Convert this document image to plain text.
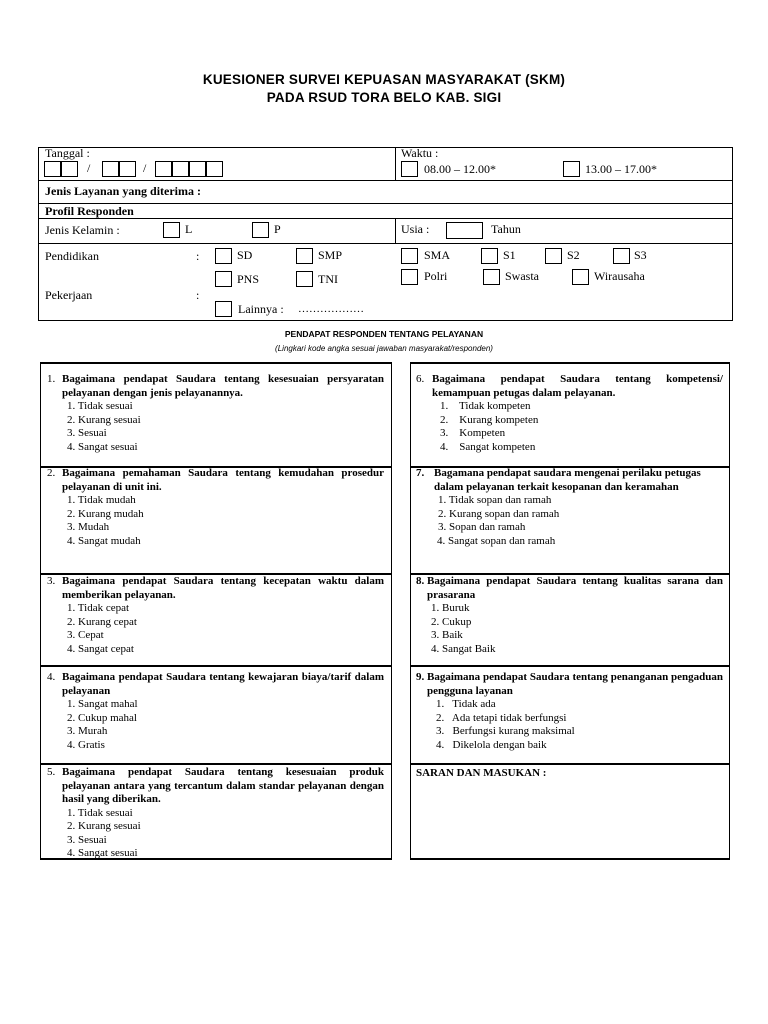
KUESIONER SURVEI KEPUASAN MASYARAKAT (SKM)
PADA RSUD TORA BELO KAB. SIGI
Tanggal :
/	/
Waktu :
08.00 – 12.00*	13.00 – 17.00*
Jenis Layanan yang diterima :
Profil Responden
Jenis Kelamin :	L	P	Usia :	Tahun
Pendidikan	:	SD	SMP	SMA	S1	S2	S3
Pekerjaan	:
PNS	TNI	Polri	Swasta	Wirausaha
Lainnya : ………………
PENDAPAT RESPONDEN TENTANG PELAYANAN
(Lingkari kode angka sesuai jawaban masyarakat/responden)
1. Bagaimana pendapat Saudara tentang kesesuaian persyaratan pelayanan dengan jenis pelayanannya.
1. Tidak sesuai
2. Kurang sesuai
3. Sesuai
4. Sangat sesuai
2. Bagaimana pemahaman Saudara tentang kemudahan prosedur pelayanan di unit ini.
1. Tidak mudah
2. Kurang mudah
3. Mudah
4. Sangat mudah
3. Bagaimana pendapat Saudara tentang kecepatan waktu dalam memberikan pelayanan.
1. Tidak cepat
2. Kurang cepat
3. Cepat
4. Sangat cepat
4. Bagaimana pendapat Saudara tentang kewajaran biaya/tarif dalam pelayanan
1. Sangat mahal
2. Cukup mahal
3. Murah
4. Gratis
5. Bagaimana pendapat Saudara tentang kesesuaian produk pelayanan antara yang tercantum dalam standar pelayanan dengan hasil yang diberikan.
1. Tidak sesuai
2. Kurang sesuai
3. Sesuai
4. Sangat sesuai
6. Bagaimana pendapat Saudara tentang kompetensi/ kemampuan petugas dalam pelayanan.
1.    Tidak kompeten
2.    Kurang kompeten
3.    Kompeten
4.    Sangat kompeten
7. Bagamana pendapat saudara mengenai perilaku petugas dalam pelayanan terkait kesopanan dan keramahan
1. Tidak sopan dan ramah
2. Kurang sopan dan ramah
3. Sopan dan ramah
4. Sangat sopan dan ramah
8. Bagaimana pendapat Saudara tentang kualitas sarana dan prasarana
1. Buruk
2. Cukup
3. Baik
4. Sangat Baik
9. Bagaimana pendapat Saudara tentang penanganan pengaduan pengguna layanan
1.   Tidak ada
2.   Ada tetapi tidak berfungsi
3.   Berfungsi kurang maksimal
4.   Dikelola dengan baik
SARAN DAN MASUKAN :
